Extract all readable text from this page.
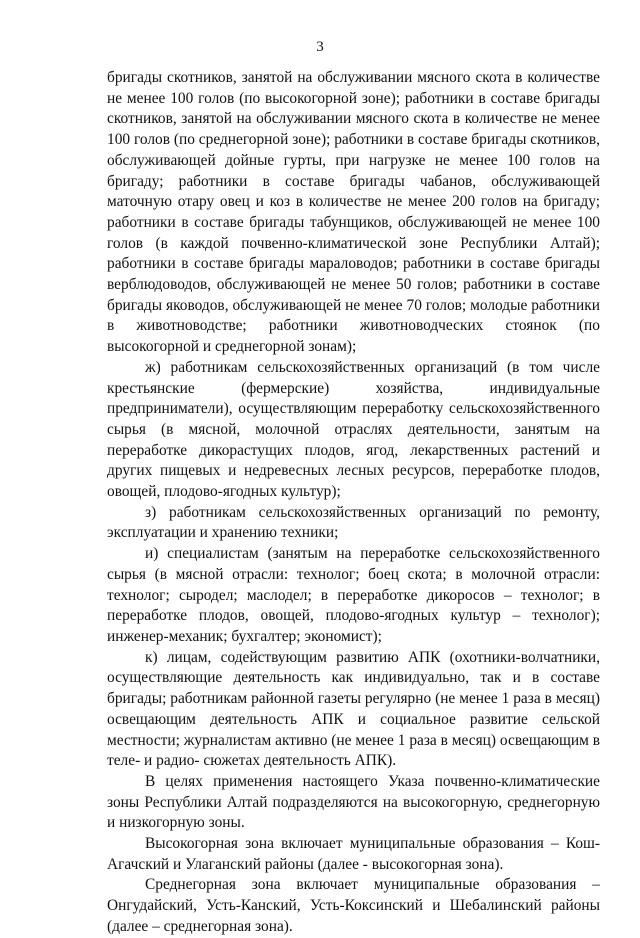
3

бригады скотников, занятой на обслуживании мясного скота в количестве не менее 100 голов (по высокогорной зоне); работники в составе бригады скотников, занятой на обслуживании мясного скота в количестве не менее 100 голов (по среднегорной зоне); работники в составе бригады скотников, обслуживающей дойные гурты, при нагрузке не менее 100 голов на бригаду; работники в составе бригады чабанов, обслуживающей маточную отару овец и коз в количестве не менее 200 голов на бригаду; работники в составе бригады табунщиков, обслуживающей не менее 100 голов (в каждой почвенно-климатической зоне Республики Алтай); работники в составе бригады мараловодов; работники в составе бригады верблюдоводов, обслуживающей не менее 50 голов; работники в составе бригады яководов, обслуживающей не менее 70 голов; молодые работники в животноводстве; работники животноводческих стоянок (по высокогорной и среднегорной зонам);

ж) работникам сельскохозяйственных организаций (в том числе крестьянские (фермерские) хозяйства, индивидуальные предприниматели), осуществляющим переработку сельскохозяйственного сырья (в мясной, молочной отраслях деятельности, занятым на переработке дикорастущих плодов, ягод, лекарственных растений и других пищевых и недревесных лесных ресурсов, переработке плодов, овощей, плодово-ягодных культур);

з) работникам сельскохозяйственных организаций по ремонту, эксплуатации и хранению техники;

и) специалистам (занятым на переработке сельскохозяйственного сырья (в мясной отрасли: технолог; боец скота; в молочной отрасли: технолог; сыродел; маслодел; в переработке дикоросов – технолог; в переработке плодов, овощей, плодово-ягодных культур – технолог); инженер-механик; бухгалтер; экономист);

к) лицам, содействующим развитию АПК (охотники-волчатники, осуществляющие деятельность как индивидуально, так и в составе бригады; работникам районной газеты регулярно (не менее 1 раза в месяц) освещающим деятельность АПК и социальное развитие сельской местности; журналистам активно (не менее 1 раза в месяц) освещающим в теле- и радио- сюжетах деятельность АПК).

В целях применения настоящего Указа почвенно-климатические зоны Республики Алтай подразделяются на высокогорную, среднегорную и низкогорную зоны.

Высокогорная зона включает муниципальные образования – Кош-Агачский и Улаганский районы (далее - высокогорная зона).

Среднегорная зона включает муниципальные образования – Онгудайский, Усть-Канский, Усть-Коксинский и Шебалинский районы (далее – среднегорная зона).
